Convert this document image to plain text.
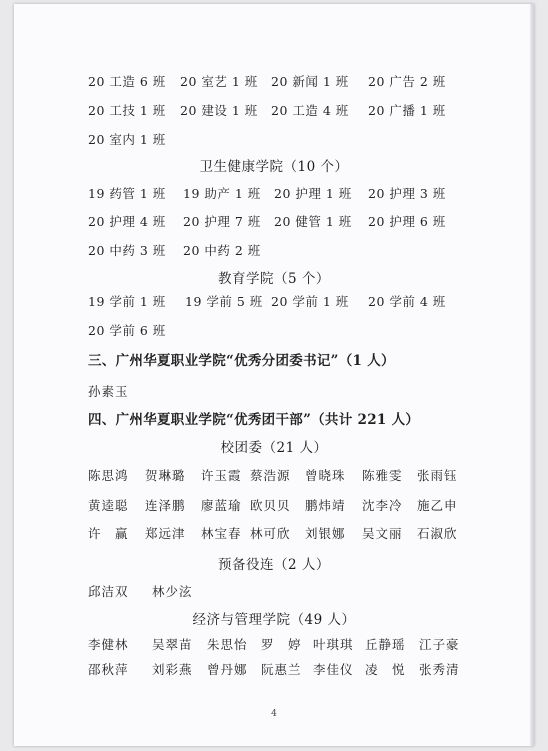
20 工造 6 班 20 室艺 1 班 20 新闻 1 班 20 广告 2 班
20 工技 1 班 20 建设 1 班 20 工造 4 班 20 广播 1 班
20 室内 1 班
卫生健康学院（10 个）
19 药管 1 班 19 助产 1 班 20 护理 1 班 20 护理 3 班
20 护理 4 班 20 护理 7 班 20 健管 1 班 20 护理 6 班
20 中药 3 班 20 中药 2 班
教育学院（5 个）
19 学前 1 班 19 学前 5 班 20 学前 1 班 20 学前 4 班
20 学前 6 班
三、广州华夏职业学院“优秀分团委书记”（1 人）
孙素玉
四、广州华夏职业学院“优秀团干部”（共计 221 人）
校团委（21 人）
陈思鸿 贺琳璐 许玉霞 蔡浩源 曾晓珠 陈雅雯 张雨钰
黄逵聪 连泽鹏 廖蓝瑜 欧贝贝 鹏炜靖 沈李冷 施乙申
许　赢 郑远津 林宝春 林可欣 刘银娜 吴文丽 石淑欣
预备役连（2 人）
邱洁双 林少泫
经济与管理学院（49 人）
李健林 吴翠苗 朱思怡 罗　婷 叶琪琪 丘静瑶 江子豪
邵秋萍 刘彩燕 曾丹娜 阮惠兰 李佳仪 凌　悦 张秀清
4
